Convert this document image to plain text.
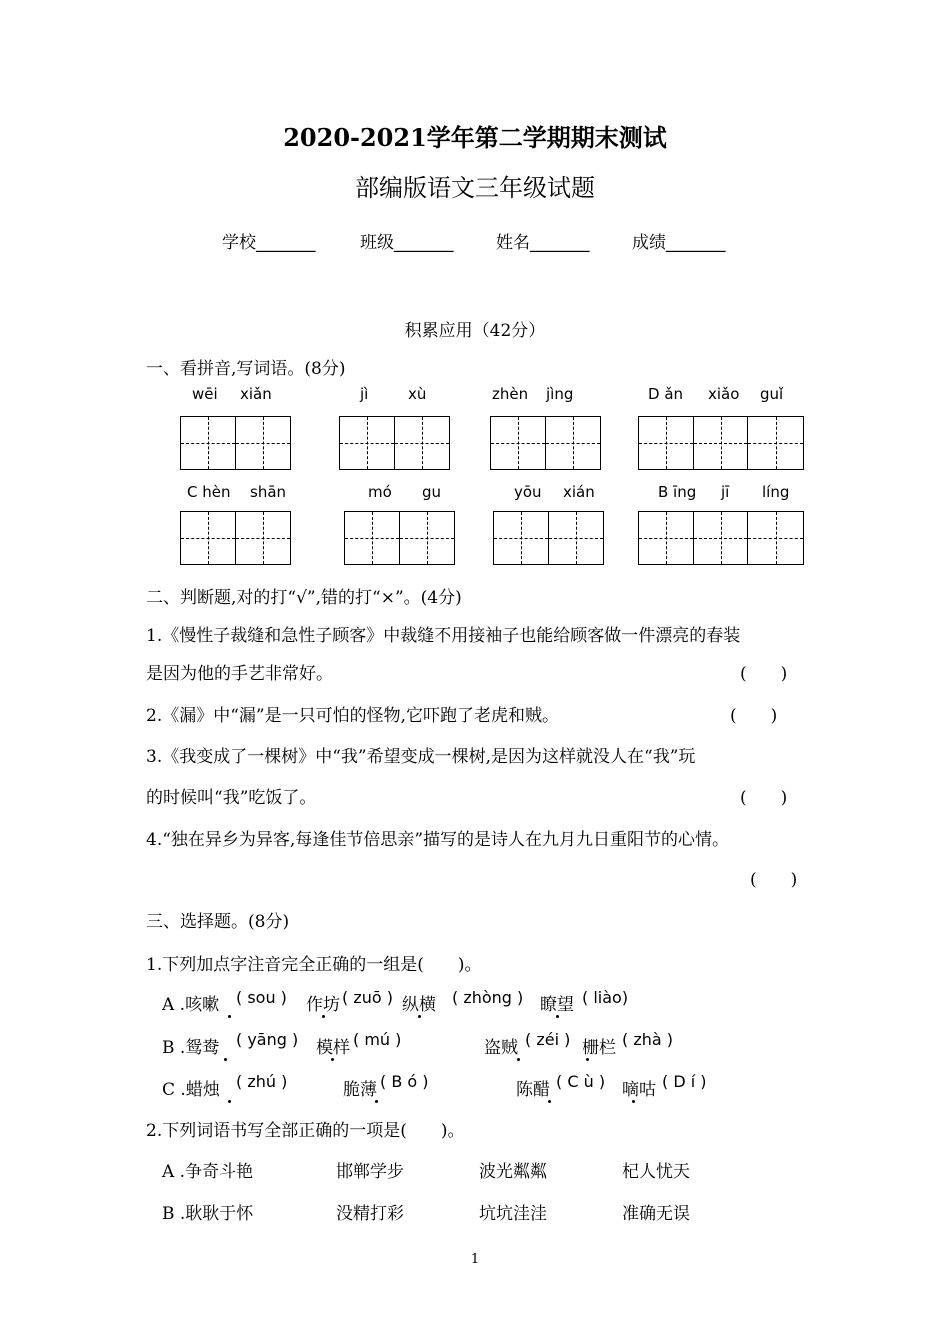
2020-2021学年第二学期期末测试
部编版语文三年级试题
学校_______	班级_______	姓名_______	成绩_______
积累应用（42分）
一、看拼音,写词语。(8分)
wēi xiǎn	jì	xù	zhèn jìng	D ǎn xiǎo guǐ
C hèn shān	mó gu	yōu xián	B īng jī líng
二、判断题,对的打“√”,错的打“×”。(4分)
1.《慢性子裁缝和急性子顾客》中裁缝不用接袖子也能给顾客做一件漂亮的春装
是因为他的手艺非常好。	(　　)
2.《漏》中“漏”是一只可怕的怪物,它吓跑了老虎和贼。	(　　)
3.《我变成了一棵树》中“我”希望变成一棵树,是因为这样就没人在“我”玩
的时候叫“我”吃饭了。	(　　)
4.“独在异乡为异客,每逢佳节倍思亲”描写的是诗人在九月九日重阳节的心情。
(　　)
三、选择题。(8分)
1.下列加点字注音完全正确的一组是(　　)。
A .咳嗽 ( sou ) 作坊 ( zuō ) 纵横 ( zhòng ) 瞭望 ( liào)
B .鸳鸯 ( yāng ) 模样 ( mú )	盗贼 ( zéi ) 栅栏 ( zhà )
C .蜡烛 ( zhú )	脆薄 ( B ó )	陈醋 ( C ù ) 嘀咕 ( D í )
2.下列词语书写全部正确的一项是(　　)。
A .争奇斗艳	邯郸学步	波光粼粼	杞人忧天
B .耿耿于怀	没精打彩	坑坑洼洼	准确无误
1
